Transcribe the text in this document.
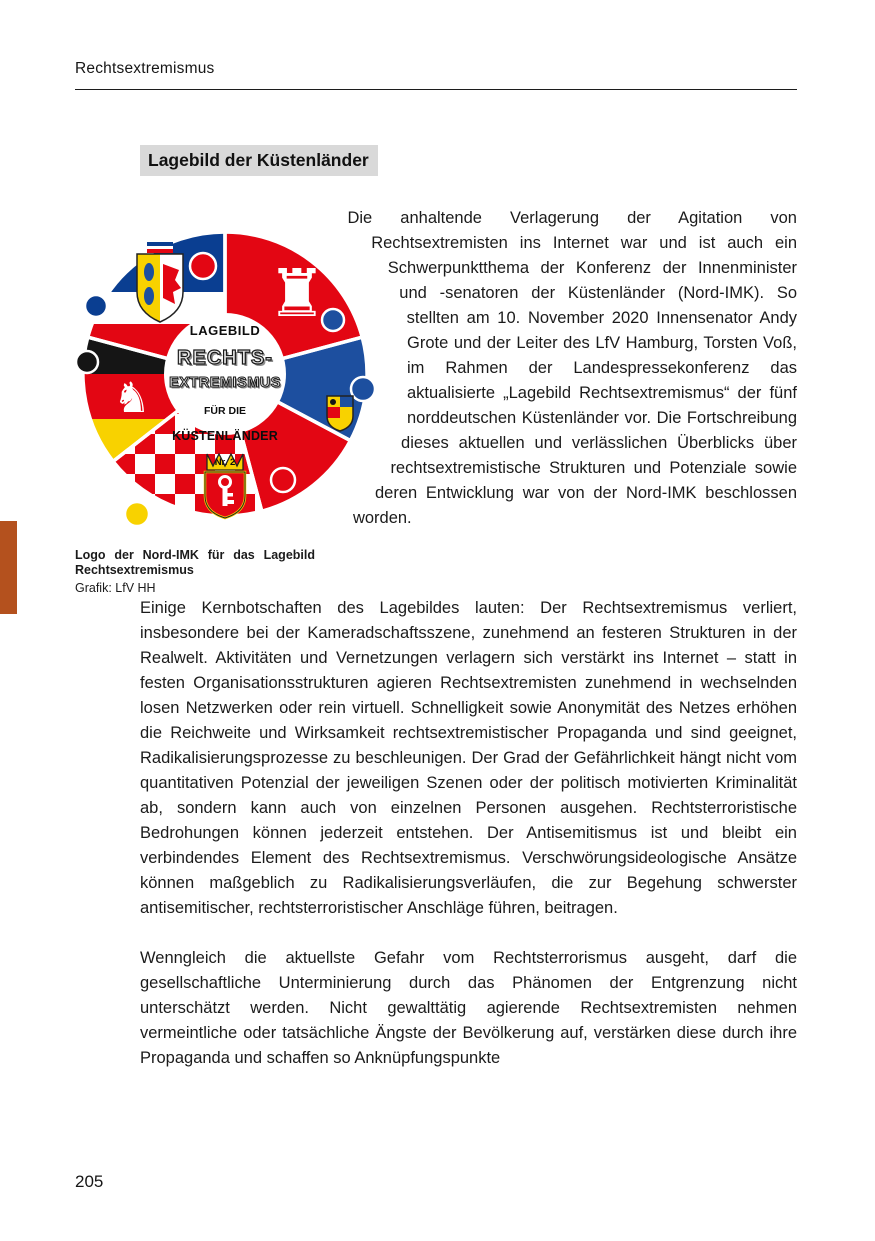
Rechtsextremismus
Lagebild der Küstenländer
♜
♞
LAGEBILD
RECHTS-
EXTREMISMUS
FÜR DIE
KÜSTENLÄNDER
Nr. 2
Logo der Nord-IMK für das Lagebild Rechtsextremismus
Grafik: LfV HH
Die anhaltende Verlagerung der Agitation von Rechtsextremisten ins Internet war und ist auch ein Schwerpunktthema der Konferenz der Innenminister und -senatoren der Küstenländer (Nord-IMK). So stellten am 10. November 2020 Innensenator Andy Grote und der Leiter des LfV Hamburg, Torsten Voß, im Rahmen der Landespressekonferenz das aktualisierte „Lagebild Rechtsextremismus“ der fünf norddeutschen Küstenländer vor. Die Fortschreibung dieses aktuellen und verlässlichen Überblicks über rechtsextremistische Strukturen und Potenziale sowie deren Entwicklung war von der Nord-IMK beschlossen worden.

Einige Kernbotschaften des Lagebildes lauten: Der Rechtsextremismus verliert, insbesondere bei der Kameradschaftsszene, zunehmend an festeren Strukturen in der Realwelt. Aktivitäten und Vernetzungen verlagern sich verstärkt ins Internet – statt in festen Organisationsstrukturen agieren Rechtsextremisten zunehmend in wechselnden losen Netzwerken oder rein virtuell. Schnelligkeit sowie Anonymität des Netzes erhöhen die Reichweite und Wirksamkeit rechtsextremistischer Propaganda und sind geeignet, Radikalisierungsprozesse zu beschleunigen. Der Grad der Gefährlichkeit hängt nicht vom quantitativen Potenzial der jeweiligen Szenen oder der politisch motivierten Kriminalität ab, sondern kann auch von einzelnen Personen ausgehen. Rechtsterroristische Bedrohungen können jederzeit entstehen. Der Antisemitismus ist und bleibt ein verbindendes Element des Rechtsextremismus. Verschwörungsideologische Ansätze können maßgeblich zu Radikalisierungsverläufen, die zur Begehung schwerster antisemitischer, rechtsterroristischer Anschläge führen, beitragen.

Wenngleich die aktuellste Gefahr vom Rechtsterrorismus ausgeht, darf die gesellschaftliche Unterminierung durch das Phänomen der Entgrenzung nicht unterschätzt werden. Nicht gewalttätig agierende Rechtsextremisten nehmen vermeintliche oder tatsächliche Ängste der Bevölkerung auf, verstärken diese durch ihre Propaganda und schaffen so Anknüpfungspunkte

205
